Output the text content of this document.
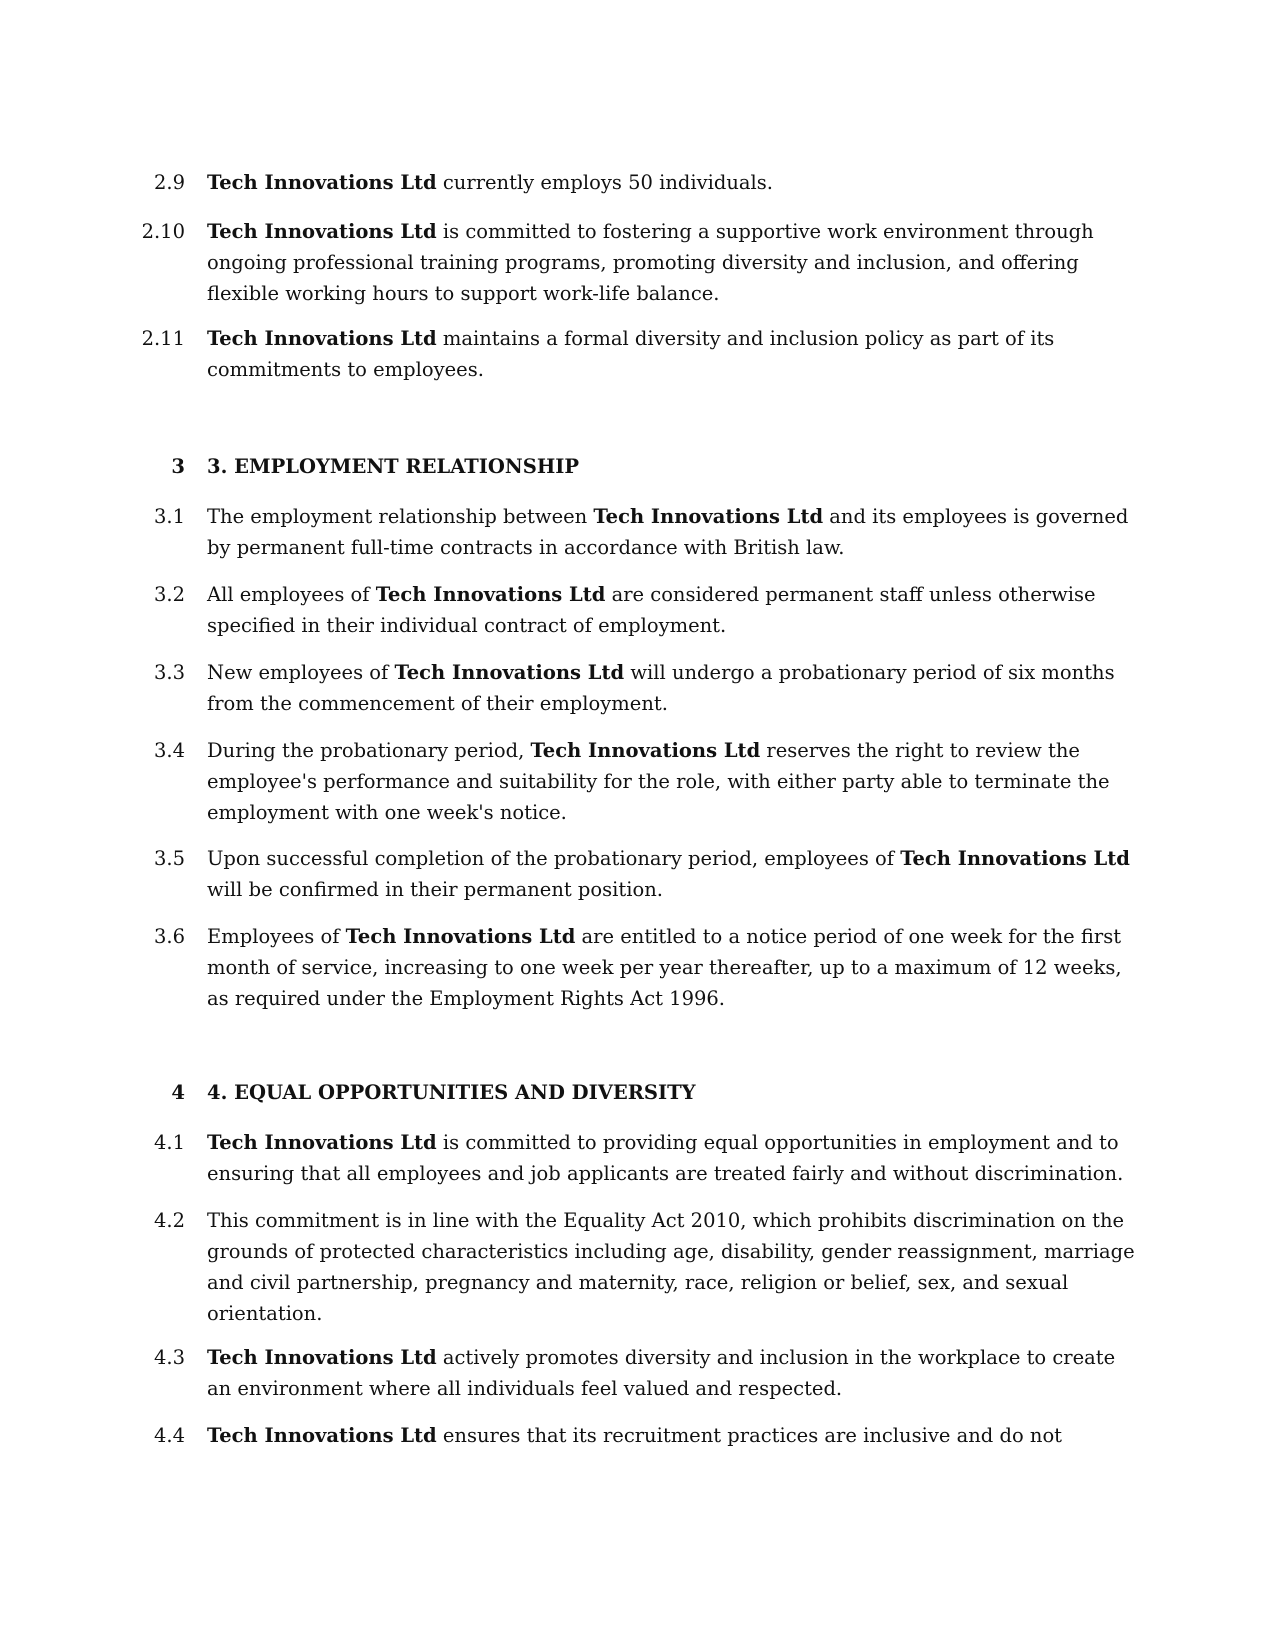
2.9 Tech Innovations Ltd currently employs 50 individuals.
2.10 Tech Innovations Ltd is committed to fostering a supportive work environment through ongoing professional training programs, promoting diversity and inclusion, and offering flexible working hours to support work-life balance.
2.11 Tech Innovations Ltd maintains a formal diversity and inclusion policy as part of its commitments to employees.
3 3. EMPLOYMENT RELATIONSHIP
3.1 The employment relationship between Tech Innovations Ltd and its employees is governed by permanent full-time contracts in accordance with British law.
3.2 All employees of Tech Innovations Ltd are considered permanent staff unless otherwise specified in their individual contract of employment.
3.3 New employees of Tech Innovations Ltd will undergo a probationary period of six months from the commencement of their employment.
3.4 During the probationary period, Tech Innovations Ltd reserves the right to review the employee's performance and suitability for the role, with either party able to terminate the employment with one week's notice.
3.5 Upon successful completion of the probationary period, employees of Tech Innovations Ltd will be confirmed in their permanent position.
3.6 Employees of Tech Innovations Ltd are entitled to a notice period of one week for the first month of service, increasing to one week per year thereafter, up to a maximum of 12 weeks, as required under the Employment Rights Act 1996.
4 4. EQUAL OPPORTUNITIES AND DIVERSITY
4.1 Tech Innovations Ltd is committed to providing equal opportunities in employment and to ensuring that all employees and job applicants are treated fairly and without discrimination.
4.2 This commitment is in line with the Equality Act 2010, which prohibits discrimination on the grounds of protected characteristics including age, disability, gender reassignment, marriage and civil partnership, pregnancy and maternity, race, religion or belief, sex, and sexual orientation.
4.3 Tech Innovations Ltd actively promotes diversity and inclusion in the workplace to create an environment where all individuals feel valued and respected.
4.4 Tech Innovations Ltd ensures that its recruitment practices are inclusive and do not
